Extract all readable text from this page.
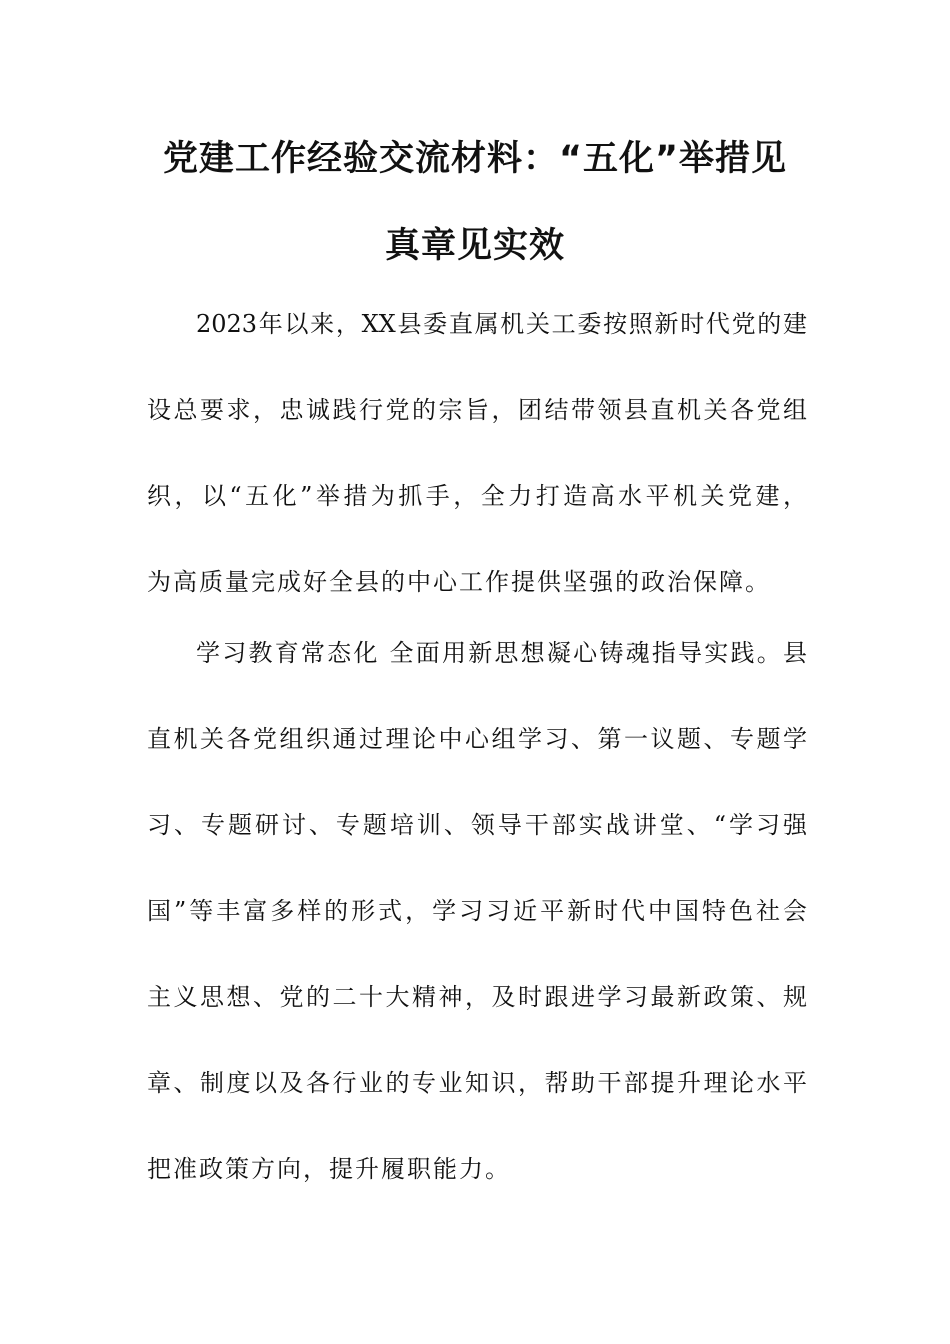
党建工作经验交流材料：“五化”举措见
真章见实效
2023年以来，XX县委直属机关工委按照新时代党的建
设总要求，忠诚践行党的宗旨，团结带领县直机关各党组
织，以“五化”举措为抓手，全力打造高水平机关党建，
为高质量完成好全县的中心工作提供坚强的政治保障。
学习教育常态化 全面用新思想凝心铸魂指导实践。县
直机关各党组织通过理论中心组学习、第一议题、专题学
习、专题研讨、专题培训、领导干部实战讲堂、“学习强
国”等丰富多样的形式，学习习近平新时代中国特色社会
主义思想、党的二十大精神，及时跟进学习最新政策、规
章、制度以及各行业的专业知识，帮助干部提升理论水平
把准政策方向，提升履职能力。
